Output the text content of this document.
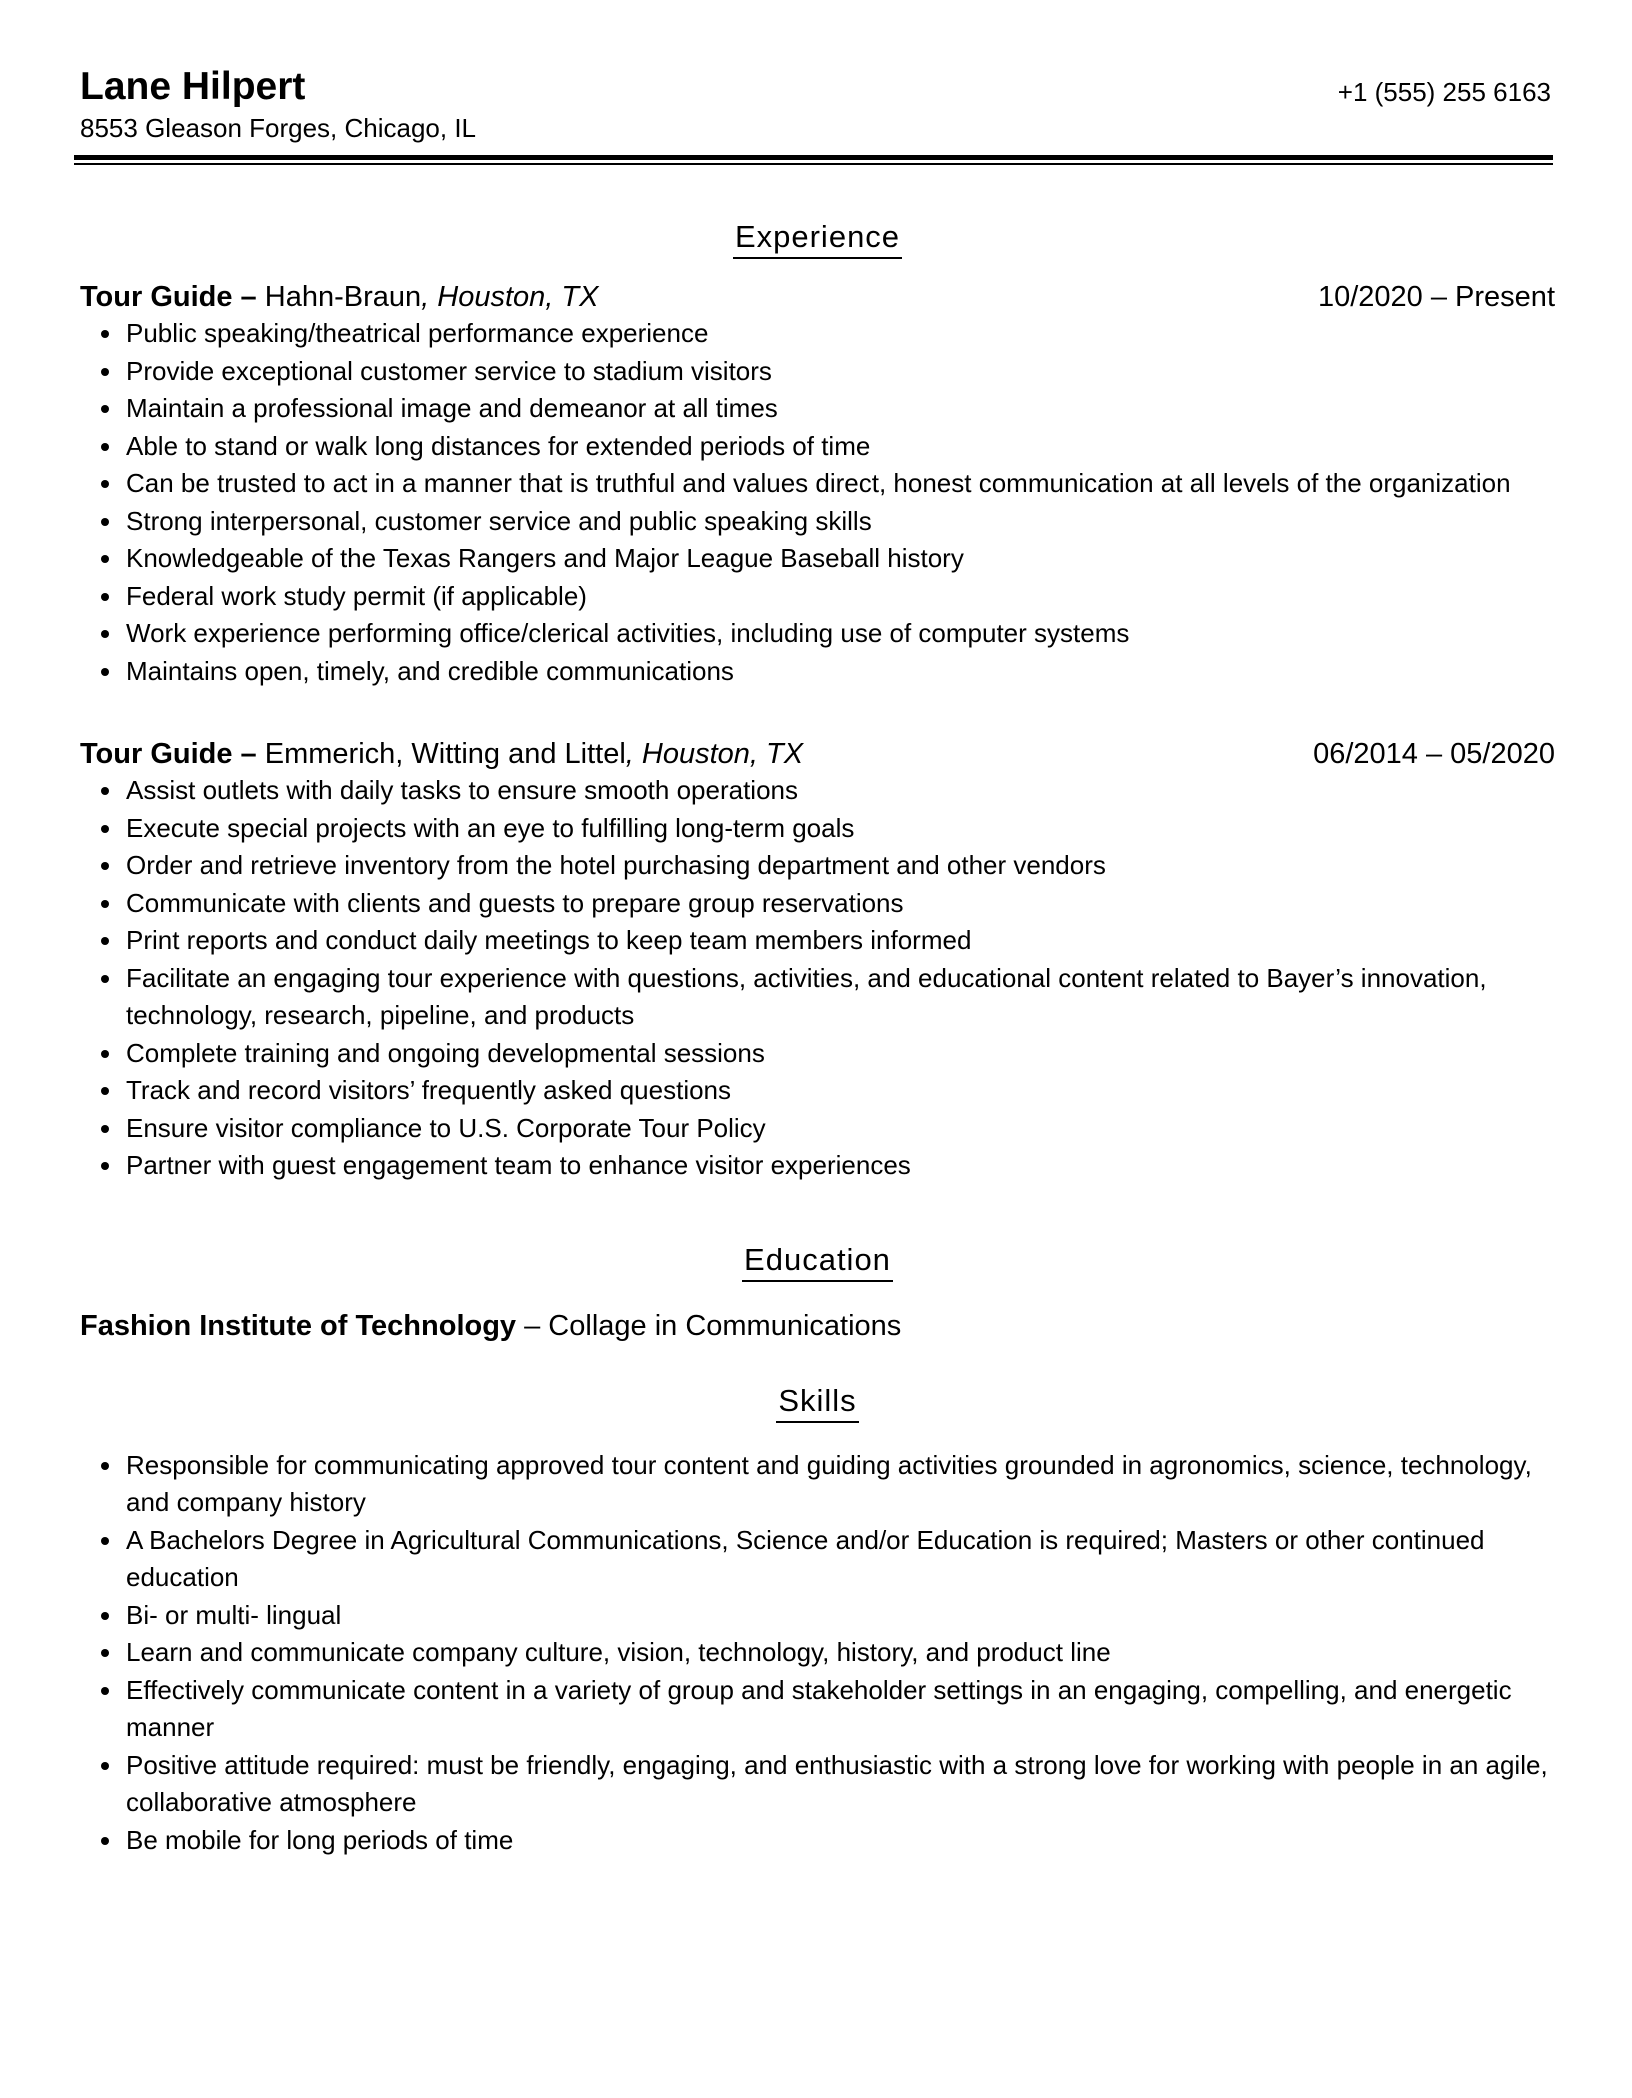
Lane Hilpert
8553 Gleason Forges, Chicago, IL
+1 (555) 255 6163
Experience
Tour Guide – Hahn-Braun, Houston, TX	10/2020 – Present
Public speaking/theatrical performance experience
Provide exceptional customer service to stadium visitors
Maintain a professional image and demeanor at all times
Able to stand or walk long distances for extended periods of time
Can be trusted to act in a manner that is truthful and values direct, honest communication at all levels of the organization
Strong interpersonal, customer service and public speaking skills
Knowledgeable of the Texas Rangers and Major League Baseball history
Federal work study permit (if applicable)
Work experience performing office/clerical activities, including use of computer systems
Maintains open, timely, and credible communications
Tour Guide – Emmerich, Witting and Littel, Houston, TX	06/2014 – 05/2020
Assist outlets with daily tasks to ensure smooth operations
Execute special projects with an eye to fulfilling long-term goals
Order and retrieve inventory from the hotel purchasing department and other vendors
Communicate with clients and guests to prepare group reservations
Print reports and conduct daily meetings to keep team members informed
Facilitate an engaging tour experience with questions, activities, and educational content related to Bayer’s innovation, technology, research, pipeline, and products
Complete training and ongoing developmental sessions
Track and record visitors’ frequently asked questions
Ensure visitor compliance to U.S. Corporate Tour Policy
Partner with guest engagement team to enhance visitor experiences
Education
Fashion Institute of Technology – Collage in Communications
Skills
Responsible for communicating approved tour content and guiding activities grounded in agronomics, science, technology, and company history
A Bachelors Degree in Agricultural Communications, Science and/or Education is required; Masters or other continued education
Bi- or multi- lingual
Learn and communicate company culture, vision, technology, history, and product line
Effectively communicate content in a variety of group and stakeholder settings in an engaging, compelling, and energetic manner
Positive attitude required: must be friendly, engaging, and enthusiastic with a strong love for working with people in an agile, collaborative atmosphere
Be mobile for long periods of time
